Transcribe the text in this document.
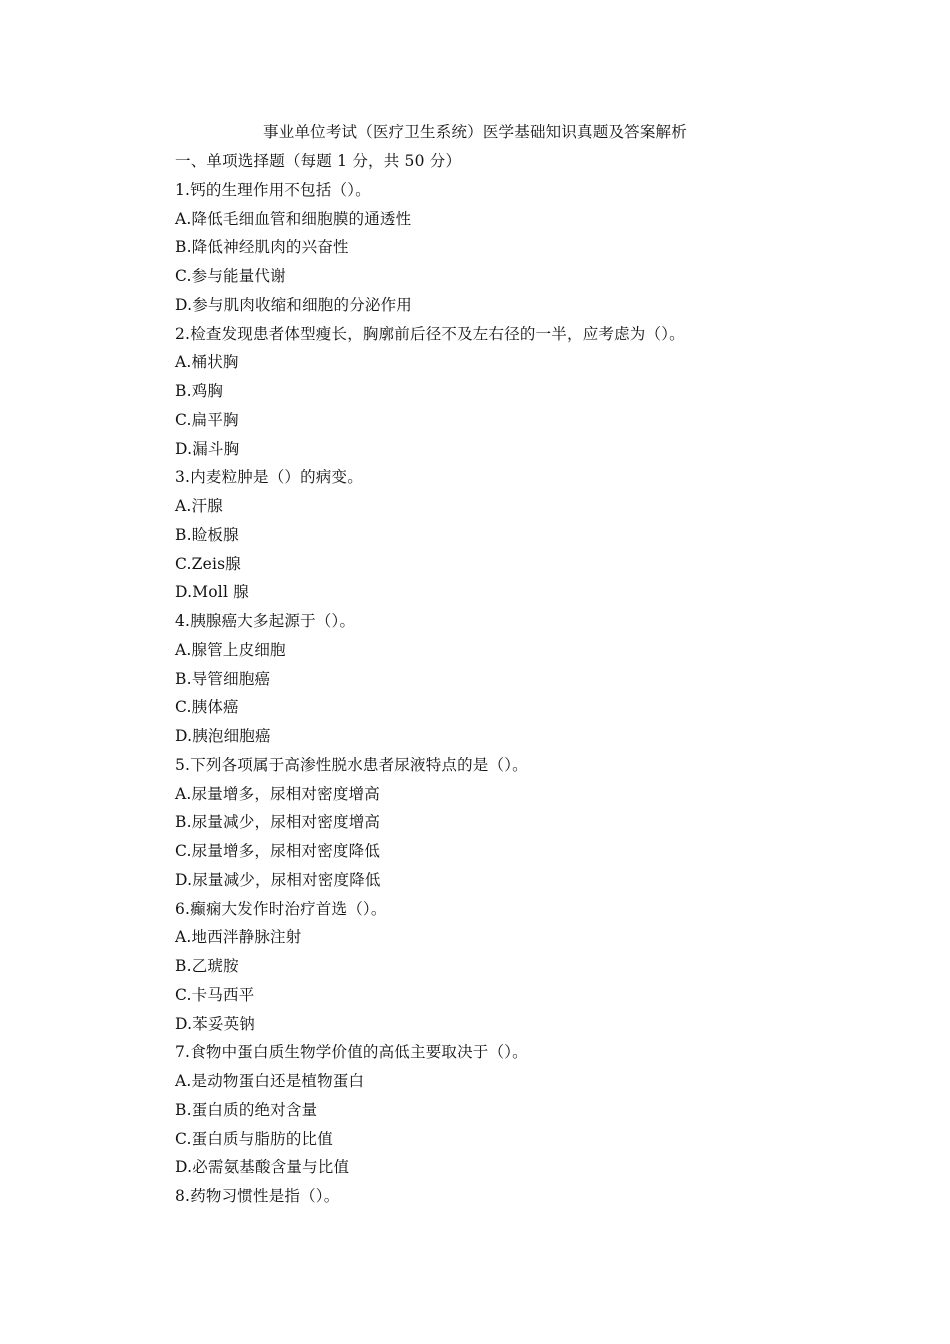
事业单位考试（医疗卫生系统）医学基础知识真题及答案解析
一、单项选择题（每题 1 分，共 50 分）
1.钙的生理作用不包括（）。
A.降低毛细血管和细胞膜的通透性
B.降低神经肌肉的兴奋性
C.参与能量代谢
D.参与肌肉收缩和细胞的分泌作用
2.检查发现患者体型瘦长，胸廓前后径不及左右径的一半，应考虑为（）。
A.桶状胸
B.鸡胸
C.扁平胸
D.漏斗胸
3.内麦粒肿是（）的病变。
A.汗腺
B.睑板腺
C.Zeis腺
D.Moll 腺
4.胰腺癌大多起源于（）。
A.腺管上皮细胞
B.导管细胞癌
C.胰体癌
D.胰泡细胞癌
5.下列各项属于高渗性脱水患者尿液特点的是（）。
A.尿量增多，尿相对密度增高
B.尿量减少，尿相对密度增高
C.尿量增多，尿相对密度降低
D.尿量减少，尿相对密度降低
6.癫痫大发作时治疗首选（）。
A.地西泮静脉注射
B.乙琥胺
C.卡马西平
D.苯妥英钠
7.食物中蛋白质生物学价值的高低主要取决于（）。
A.是动物蛋白还是植物蛋白
B.蛋白质的绝对含量
C.蛋白质与脂肪的比值
D.必需氨基酸含量与比值
8.药物习惯性是指（）。
